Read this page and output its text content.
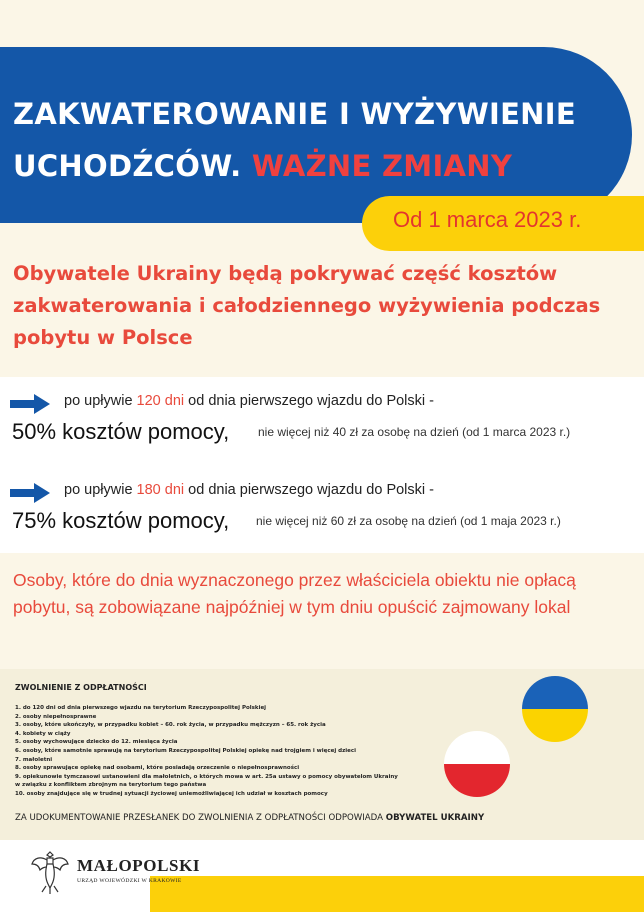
ZAKWATEROWANIE I WYŻYWIENIE
UCHODŹCÓW. WAŻNE ZMIANY

Od 1 marca 2023 r.

Obywatele Ukrainy będą pokrywać część kosztów zakwaterowania i całodziennego wyżywienia podczas pobytu w Polsce

po upływie 120 dni od dnia pierwszego wjazdu do Polski -

50% kosztów pomocy, nie więcej niż 40 zł za osobę na dzień (od 1 marca 2023 r.)

po upływie 180 dni od dnia pierwszego wjazdu do Polski -

75% kosztów pomocy, nie więcej niż 60 zł za osobę na dzień (od 1 maja 2023 r.)

Osoby, które do dnia wyznaczonego przez właściciela obiektu nie opłacą pobytu, są zobowiązane najpóźniej w tym dniu opuścić zajmowany lokal

ZWOLNIENIE Z ODPŁATNOŚCI

1. do 120 dni od dnia pierwszego wjazdu na terytorium Rzeczypospolitej Polskiej
2. osoby niepełnosprawne
3. osoby, które ukończyły, w przypadku kobiet – 60. rok życia, w przypadku mężczyzn – 65. rok życia
4. kobiety w ciąży
5. osoby wychowujące dziecko do 12. miesiąca życia
6. osoby, które samotnie sprawują na terytorium Rzeczypospolitej Polskiej opiekę nad trojgiem i więcej dzieci
7. małoletni
8. osoby sprawujące opiekę nad osobami, które posiadają orzeczenie o niepełnosprawności
9. opiekunowie tymczasowi ustanowieni dla małoletnich, o których mowa w art. 25a ustawy o pomocy obywatelom Ukrainy
w związku z konfliktem zbrojnym na terytorium tego państwa
10. osoby znajdujące się w trudnej sytuacji życiowej uniemożliwiającej ich udział w kosztach pomocy

ZA UDOKUMENTOWANIE PRZESŁANEK DO ZWOLNIENIA Z ODPŁATNOŚCI ODPOWIADA OBYWATEL UKRAINY

MAŁOPOLSKI

URZĄD WOJEWÓDZKI W KRAKOWIE
